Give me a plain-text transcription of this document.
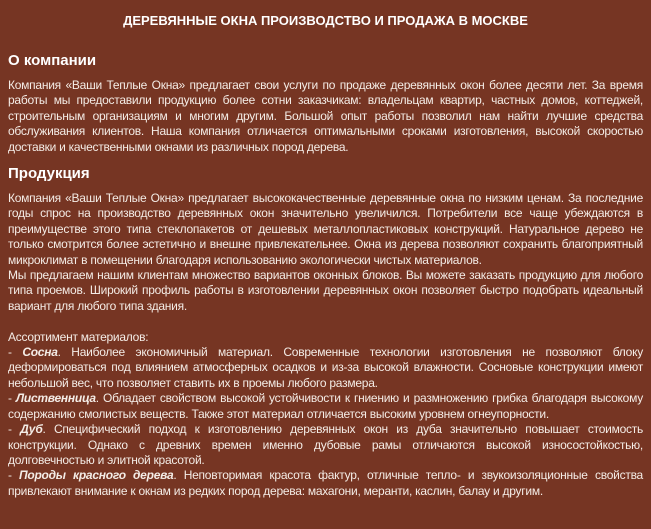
ДЕРЕВЯННЫЕ ОКНА ПРОИЗВОДСТВО И ПРОДАЖА В МОСКВЕ
О компании

Компания «Ваши Теплые Окна» предлагает свои услуги по продаже деревянных окон более десяти лет. За время работы мы предоставили продукцию более сотни заказчикам: владельцам квартир, частных домов, коттеджей, строительным организациям и многим другим. Большой опыт работы позволил нам найти лучшие средства обслуживания клиентов. Наша компания отличается оптимальными сроками изготовления, высокой скоростью доставки и качественными окнами из различных пород дерева.

Продукция

Компания «Ваши Теплые Окна» предлагает высококачественные деревянные окна по низким ценам. За последние годы спрос на производство деревянных окон значительно увеличился. Потребители все чаще убеждаются в преимуществе этого типа стеклопакетов от дешевых металлопластиковых конструкций. Натуральное дерево не только смотрится более эстетично и внешне привлекательнее. Окна из дерева позволяют сохранить благоприятный микроклимат в помещении благодаря использованию экологически чистых материалов.

Мы предлагаем нашим клиентам множество вариантов оконных блоков. Вы можете заказать продукцию для любого типа проемов. Широкий профиль работы в изготовлении деревянных окон позволяет быстро подобрать идеальный вариант для любого типа здания.

Ассортимент материалов:

- Сосна. Наиболее экономичный материал. Современные технологии изготовления не позволяют блоку деформироваться под влиянием атмосферных осадков и из-за высокой влажности. Сосновые конструкции имеют небольшой вес, что позволяет ставить их в проемы любого размера.

- Лиственница. Обладает свойством высокой устойчивости к гниению и размножению грибка благодаря высокому содержанию смолистых веществ. Также этот материал отличается высоким уровнем огнеупорности.

- Дуб. Специфический подход к изготовлению деревянных окон из дуба значительно повышает стоимость конструкции. Однако с древних времен именно дубовые рамы отличаются высокой износостойкостью, долговечностью и элитной красотой.

- Породы красного дерева. Неповторимая красота фактур, отличные тепло- и звукоизоляционные свойства привлекают внимание к окнам из редких пород дерева: махагони, меранти, каслин, балау и другим.
